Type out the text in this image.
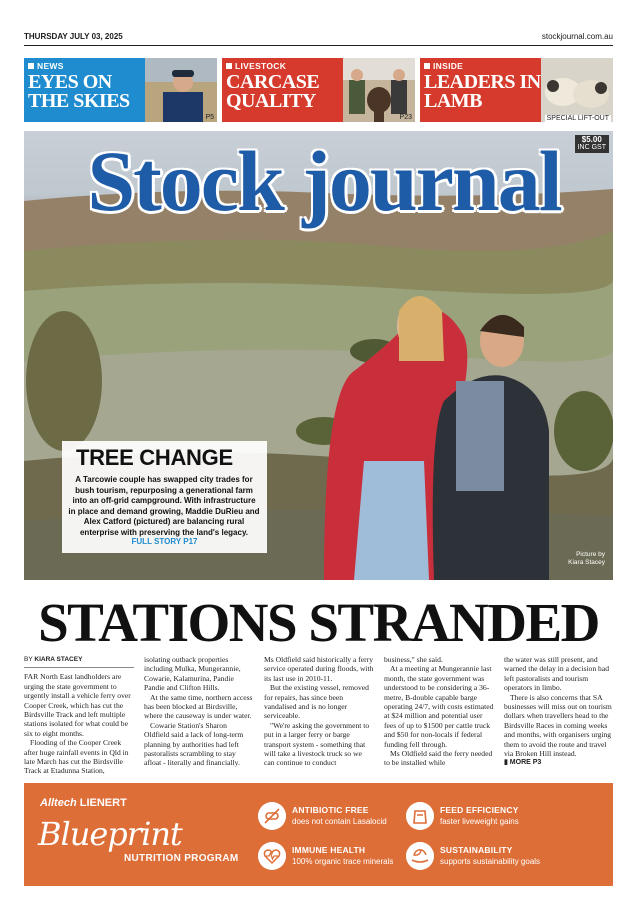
THURSDAY JULY 03, 2025	stockjournal.com.au
NEWS
EYES ON THE SKIES
P5
LIVESTOCK
CARCASE QUALITY
P23
INSIDE
LEADERS IN LAMB
SPECIAL LIFT-OUT
Stock journal	$5.00
INC GST
TREE CHANGE
A Tarcowie couple has swapped city trades for bush tourism, repurposing a generational farm into an off-grid campground. With infrastructure in place and demand growing, Maddie DuRieu and Alex Catford (pictured) are balancing rural enterprise with preserving the land's legacy.
FULL STORY P17
Picture by
Kiara Stacey
STATIONS STRANDED
BY KIARA STACEY

FAR North East landholders are urging the state government to urgently install a vehicle ferry over Cooper Creek, which has cut the Birdsville Track and left multiple stations isolated for what could be six to eight months.

Flooding of the Cooper Creek after huge rainfall events in Qld in late March has cut the Birdsville Track at Etadunna Station,

isolating outback properties including Mulka, Mungerannie, Cowarie, Kalamurina, Pandie Pandie and Clifton Hills.

At the same time, northern access has been blocked at Birdsville, where the causeway is under water.

Cowarie Station's Sharon Oldfield said a lack of long-term planning by authorities had left pastoralists scrambling to stay afloat - literally and financially.

Ms Oldfield said historically a ferry service operated during floods, with its last use in 2010-11.

But the existing vessel, removed for repairs, has since been vandalised and is no longer serviceable.

"We're asking the government to put in a larger ferry or barge transport system - something that will take a livestock truck so we can continue to conduct

business," she said.

At a meeting at Mungerannie last month, the state government was understood to be considering a 36-metre, B-double capable barge operating 24/7, with costs estimated at $24 million and potential user fees of up to $1500 per cattle truck and $50 for non-locals if federal funding fell through.

Ms Oldfield said the ferry needed to be installed while

the water was still present, and warned the delay in a decision had left pastoralists and tourism operators in limbo.

There is also concerns that SA businesses will miss out on tourism dollars when travellers head to the Birdsville Races in coming weeks and months, with organisers urging them to avoid the route and travel via Broken Hill instead.

▮ MORE P3
Alltech LIENERT
Blueprint
NUTRITION PROGRAM
ANTIBIOTIC FREE
does not contain Lasalocid
FEED EFFICIENCY
faster liveweight gains
IMMUNE HEALTH
100% organic trace minerals
SUSTAINABILITY
supports sustainability goals
